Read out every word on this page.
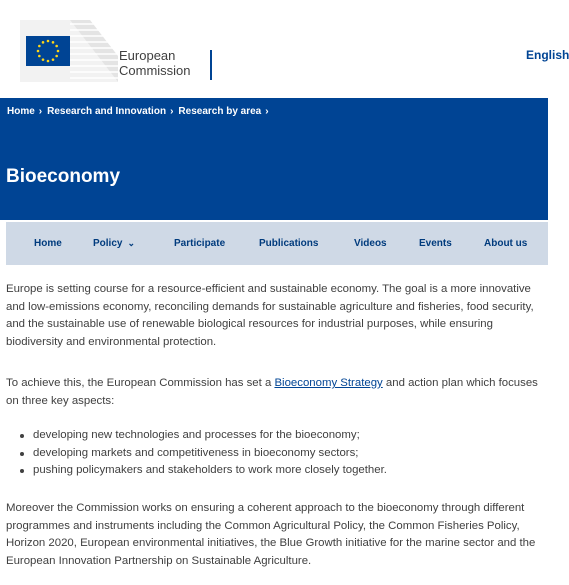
European
Commission
English
Home › Research and Innovation › Research by area ›
Bioeconomy
Home	Policy ⌄	Participate	Publications	Videos	Events	About us

Europe is setting course for a resource-efficient and sustainable economy. The goal is a more innovative and low-emissions economy, reconciling demands for sustainable agriculture and fisheries, food security, and the sustainable use of renewable biological resources for industrial purposes, while ensuring biodiversity and environmental protection.

To achieve this, the European Commission has set a Bioeconomy Strategy and action plan which focuses on three key aspects:

developing new technologies and processes for the bioeconomy;
developing markets and competitiveness in bioeconomy sectors;
pushing policymakers and stakeholders to work more closely together.

Moreover the Commission works on ensuring a coherent approach to the bioeconomy through different programmes and instruments including the Common Agricultural Policy, the Common Fisheries Policy, Horizon 2020, European environmental initiatives, the Blue Growth initiative for the marine sector and the European Innovation Partnership on Sustainable Agriculture.
